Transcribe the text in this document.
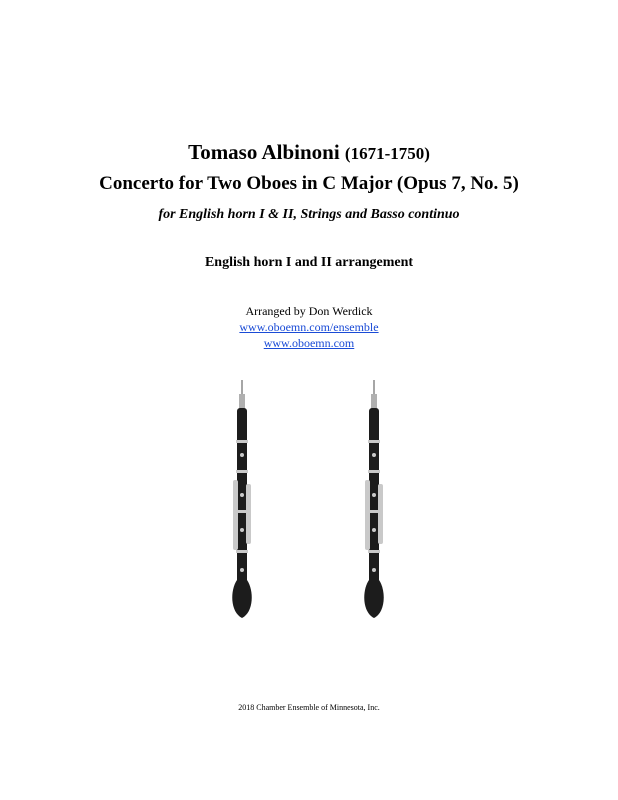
Tomaso Albinoni (1671-1750)
Concerto for Two Oboes in C Major (Opus 7, No. 5)
for English horn I & II, Strings and Basso continuo
English horn I and II arrangement
Arranged by Don Werdick
www.oboemn.com/ensemble
www.oboemn.com
2018 Chamber Ensemble of Minnesota, Inc.
